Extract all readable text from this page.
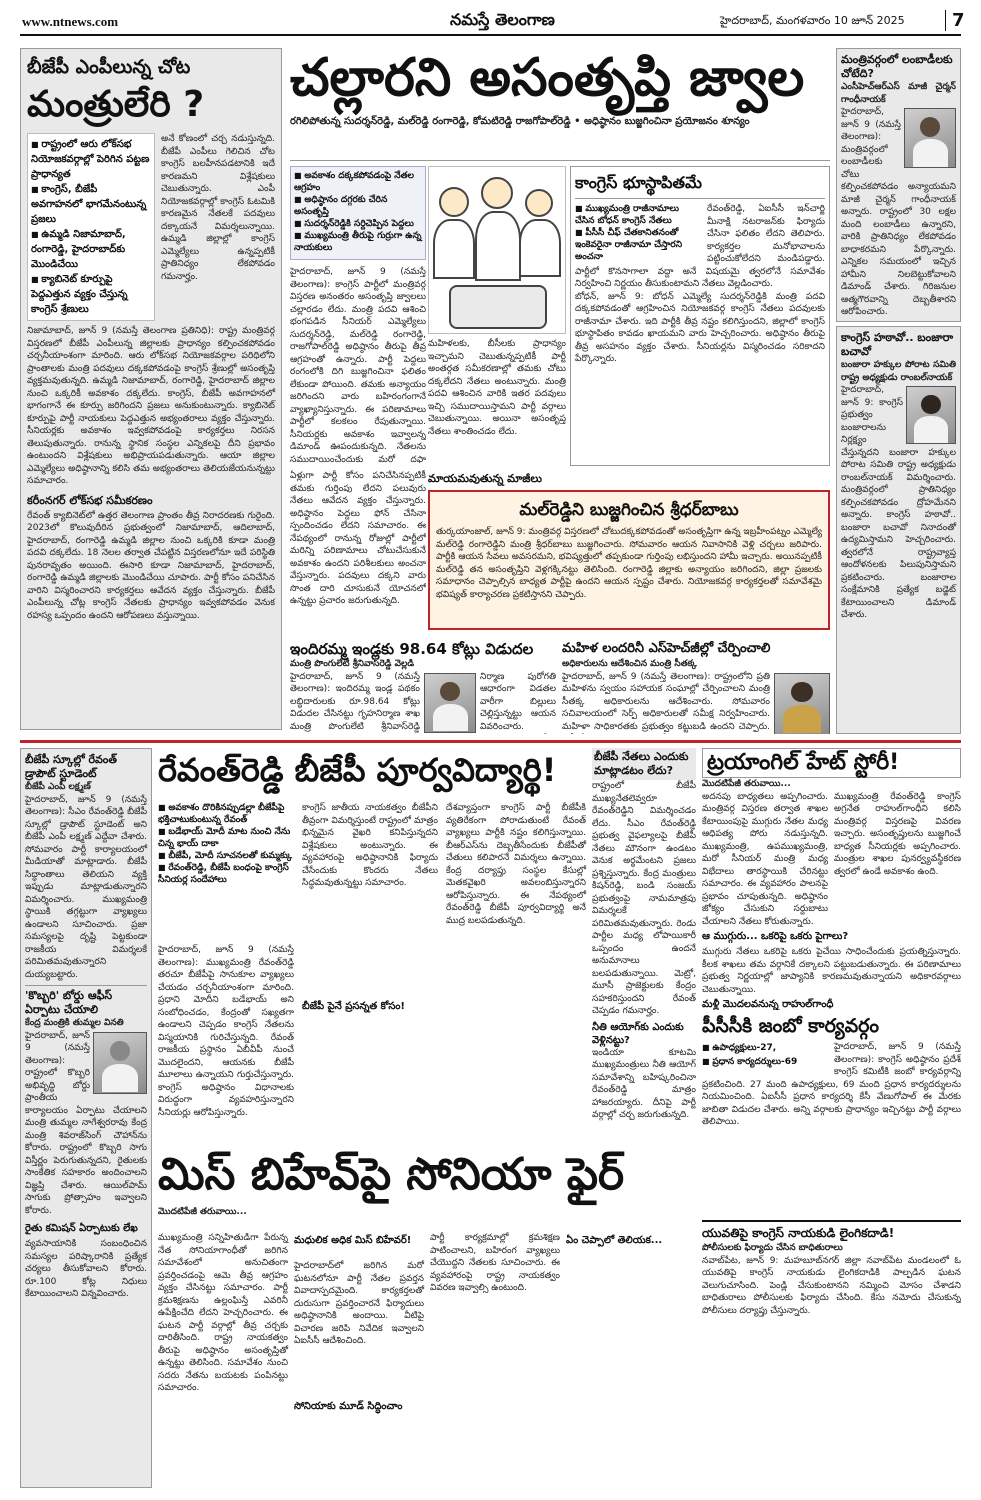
www.ntnews.com	నమస్తే తెలంగాణ	హైదరాబాద్, మంగళవారం 10 జూన్ 2025	7
బీజేపీ ఎంపీలున్న చోట
మంత్రులేరి ?
■ రాష్ట్రంలో ఆరు లోక్‌సభ నియోజకవర్గాల్లో పెరిగిన పట్టణ ప్రాధాన్యత
■ కాంగ్రెస్, బీజేపీ అవగాహనలో భాగమేనంటున్న ప్రజలు
■ ఉమ్మడి నిజామాబాద్, రంగారెడ్డి, హైదరాబాద్‌కు మొండిచేయి
■ క్యాబినెట్ కూర్పుపై పెద్దఎత్తున వ్యక్తం చేస్తున్న కాంగ్రెస్ శ్రేణులు
అనే కోణంలో చర్చ నడుస్తున్నది. బీజేపీ ఎంపీలు గెలిచిన చోట కాంగ్రెస్ బలహీనపడటానికి ఇదే కారణమని విశ్లేషకులు చెబుతున్నారు. ఎంపీ నియోజకవర్గాల్లో కాంగ్రెస్ ఓటమికి కారణమైన నేతలకే పదవులు దక్కాయనే విమర్శలున్నాయి. ఉమ్మడి జిల్లాల్లో కాంగ్రెస్ ఎమ్మెల్యేలు ఉన్నప్పటికీ ప్రాతినిధ్యం లేకపోవడం గమనార్హం.
నిజామాబాద్, జూన్ 9 (నమస్తే తెలంగాణ ప్రతినిధి): రాష్ట్ర మంత్రివర్గ విస్తరణలో బీజేపీ ఎంపీలున్న జిల్లాలకు ప్రాధాన్యం కల్పించకపోవడం చర్చనీయాంశంగా మారింది. ఆరు లోక్‌సభ నియోజకవర్గాల పరిధిలోని ప్రాంతాలకు మంత్రి పదవులు దక్కకపోవడంపై కాంగ్రెస్ శ్రేణుల్లో అసంతృప్తి వ్యక్తమవుతున్నది. ఉమ్మడి నిజామాబాద్, రంగారెడ్డి, హైదరాబాద్ జిల్లాల నుంచి ఒక్కరికీ అవకాశం దక్కలేదు. కాంగ్రెస్, బీజేపీ అవగాహనలో భాగంగానే ఈ కూర్పు జరిగిందని ప్రజలు అనుకుంటున్నారు. క్యాబినెట్ కూర్పుపై పార్టీ నాయకులు పెద్దఎత్తున అభ్యంతరాలు వ్యక్తం చేస్తున్నారు. సీనియర్లకు అవకాశం ఇవ్వకపోవడంపై కార్యకర్తలు నిరసన తెలుపుతున్నారు. రానున్న స్థానిక సంస్థల ఎన్నికలపై దీని ప్రభావం ఉంటుందని విశ్లేషకులు అభిప్రాయపడుతున్నారు. ఆయా జిల్లాల ఎమ్మెల్యేలు అధిష్ఠానాన్ని కలిసి తమ అభ్యంతరాలు తెలియజేయనున్నట్టు సమాచారం.
కరీంనగర్ లోక్‌సభ సమీకరణం
రేవంత్ క్యాబినెట్‌లో ఉత్తర తెలంగాణ ప్రాంతం తీవ్ర నిరాదరణకు గురైంది. 2023లో కొలువుదీరిన ప్రభుత్వంలో నిజామాబాద్, ఆదిలాబాద్, హైదరాబాద్, రంగారెడ్డి ఉమ్మడి జిల్లాల నుంచి ఒక్కరికి కూడా మంత్రి పదవి దక్కలేదు. 18 నెలల తర్వాత చేపట్టిన విస్తరణలోనూ ఇదే పరిస్థితి పునరావృతం అయింది. ఈసారి కూడా నిజామాబాద్, హైదరాబాద్, రంగారెడ్డి ఉమ్మడి జిల్లాలకు మొండిచేయి చూపారు. పార్టీ కోసం పనిచేసిన వారిని విస్మరించారని కార్యకర్తలు ఆవేదన వ్యక్తం చేస్తున్నారు. బీజేపీ ఎంపీలున్న చోట్ల కాంగ్రెస్ నేతలకు ప్రాధాన్యం ఇవ్వకపోవడం వెనుక రహస్య ఒప్పందం ఉందని ఆరోపణలు వస్తున్నాయి.
చల్లారని అసంతృప్తి జ్వాల
రగిలిపోతున్న సుదర్శన్‌రెడ్డి, మల్‌రెడ్డి రంగారెడ్డి, కోమటిరెడ్డి రాజగోపాల్‌రెడ్డి • అధిష్ఠానం బుజ్జగించినా ప్రయోజనం శూన్యం
■ అవకాశం దక్కకపోవడంపై నేతల ఆగ్రహం
■ అధిష్ఠానం దగ్గరకు చేరిన అసంతృప్తి
■ సుదర్శన్‌రెడ్డికి సర్దిచెప్పిన పెద్దలు
■ ముఖ్యమంత్రి తీరుపై గుర్రుగా ఉన్న నాయకులు
హైదరాబాద్, జూన్ 9 (నమస్తే తెలంగాణ): కాంగ్రెస్ పార్టీలో మంత్రివర్గ విస్తరణ అనంతరం అసంతృప్తి జ్వాలలు చల్లారడం లేదు. మంత్రి పదవి ఆశించి భంగపడిన సీనియర్ ఎమ్మెల్యేలు సుదర్శన్‌రెడ్డి, మల్‌రెడ్డి రంగారెడ్డి, రాజగోపాల్‌రెడ్డి అధిష్ఠానం తీరుపై తీవ్ర ఆగ్రహంతో ఉన్నారు. పార్టీ పెద్దలు రంగంలోకి దిగి బుజ్జగించినా ఫలితం లేకుండా పోయింది. తమకు అన్యాయం జరిగిందని వారు బహిరంగంగానే వ్యాఖ్యానిస్తున్నారు. ఈ పరిణామాలు పార్టీలో కలకలం రేపుతున్నాయి. సీనియర్లకు అవకాశం ఇవ్వాలన్న డిమాండ్ ఊపందుకున్నది. నేతలను సముదాయించేందుకు మరో దఫా
మహిళలకు, బీసీలకు ప్రాధాన్యం ఇచ్చామని చెబుతున్నప్పటికీ పార్టీ అంతర్గత సమీకరణాల్లో తమకు చోటు దక్కలేదని నేతలు అంటున్నారు. మంత్రి పదవి ఆశించిన వారికి ఇతర పదవులు ఇచ్చి సముదాయిస్తామని పార్టీ వర్గాలు చెబుతున్నాయి. అయినా అసంతృప్త నేతలు శాంతించడం లేదు.
కాంగ్రెస్ భూస్థాపితమే
■ ముఖ్యమంత్రి రాజీనామాలు చేసిన బోధన్ కాంగ్రెస్ నేతలు
■ పీసీసీ చీఫ్ చేతకానితనంతో ఇంకెవరైనా రాజీనామా చేస్తారని అంచనా
రేవంత్‌రెడ్డి, ఏఐసీసీ ఇన్‌చార్జి మీనాక్షి నటరాజన్‌కు ఫిర్యాదు చేసినా ఫలితం లేదని తెలిపారు. కార్యకర్తల మనోభావాలను పట్టించుకోలేదని మండిపడ్డారు. పార్టీలో కొనసాగాలా వద్దా అనే విషయమై త్వరలోనే సమావేశం నిర్వహించి నిర్ణయం తీసుకుంటామని నేతలు వెల్లడించారు.
బోధన్, జూన్ 9: బోధన్ ఎమ్మెల్యే సుదర్శన్‌రెడ్డికి మంత్రి పదవి దక్కకపోవడంతో ఆగ్రహించిన నియోజకవర్గ కాంగ్రెస్ నేతలు పదవులకు రాజీనామా చేశారు. ఇది పార్టీకి తీవ్ర నష్టం కలిగిస్తుందని, జిల్లాలో కాంగ్రెస్ భూస్థాపితం కావడం ఖాయమని వారు హెచ్చరించారు. అధిష్ఠానం తీరుపై తీవ్ర అసహనం వ్యక్తం చేశారు. సీనియర్లను విస్మరించడం సరికాదని పేర్కొన్నారు.
మాయమవుతున్న మాజీలు
ఏళ్లుగా పార్టీ కోసం పనిచేసినప్పటికీ తమకు గుర్తింపు లేదని పలువురు నేతలు ఆవేదన వ్యక్తం చేస్తున్నారు. అధిష్ఠానం పెద్దలు ఫోన్ చేసినా స్పందించడం లేదని సమాచారం. ఈ నేపథ్యంలో రానున్న రోజుల్లో పార్టీలో మరిన్ని పరిణామాలు చోటుచేసుకునే అవకాశం ఉందని పరిశీలకులు అంచనా వేస్తున్నారు. పదవులు దక్కని వారు సొంత దారి చూసుకునే యోచనలో ఉన్నట్టు ప్రచారం జరుగుతున్నది.
మల్‌రెడ్డిని బుజ్జగించిన శ్రీధర్‌బాబు
తుర్కయాంజాల్, జూన్ 9: మంత్రివర్గ విస్తరణలో చోటుదక్కకపోవడంతో అసంతృప్తిగా ఉన్న ఇబ్రహీంపట్నం ఎమ్మెల్యే మల్‌రెడ్డి రంగారెడ్డిని మంత్రి శ్రీధర్‌బాబు బుజ్జగించారు. సోమవారం ఆయన నివాసానికి వెళ్లి చర్చలు జరిపారు. పార్టీకి ఆయన సేవలు అవసరమని, భవిష్యత్తులో తప్పకుండా గుర్తింపు లభిస్తుందని హామీ ఇచ్చారు. అయినప్పటికీ మల్‌రెడ్డి తన అసంతృప్తిని వెళ్లగక్కినట్టు తెలిసింది. రంగారెడ్డి జిల్లాకు అన్యాయం జరిగిందని, జిల్లా ప్రజలకు సమాధానం చెప్పాల్సిన బాధ్యత పార్టీపై ఉందని ఆయన స్పష్టం చేశారు. నియోజకవర్గ కార్యకర్తలతో సమావేశమై భవిష్యత్ కార్యాచరణ ప్రకటిస్తానని చెప్పారు.
ఇందిరమ్మ ఇండ్లకు 98.64 కోట్లు విడుదల
మంత్రి పొంగులేటి శ్రీనివాస్‌రెడ్డి వెల్లడి
హైదరాబాద్, జూన్ 9 (నమస్తే తెలంగాణ): ఇందిరమ్మ ఇండ్ల పథకం లబ్ధిదారులకు రూ.98.64 కోట్లు విడుదల చేసినట్టు గృహనిర్మాణ శాఖ మంత్రి పొంగులేటి శ్రీనివాస్‌రెడ్డి
నిర్మాణ పురోగతి ఆధారంగా విడతల వారీగా బిల్లులు చెల్లిస్తున్నట్టు ఆయన వివరించారు.
మహిళ లందరినీ ఎస్‌హెచ్‌జీల్లో చేర్పించాలి
అధికారులను ఆదేశించిన మంత్రి సీతక్క
హైదరాబాద్, జూన్ 9 (నమస్తే తెలంగాణ): రాష్ట్రంలోని ప్రతి మహిళను స్వయం సహాయక సంఘాల్లో చేర్పించాలని మంత్రి సీతక్క అధికారులను ఆదేశించారు. సోమవారం సచివాలయంలో సెర్ప్ అధికారులతో సమీక్ష నిర్వహించారు. మహిళా సాధికారతకు ప్రభుత్వం కట్టుబడి ఉందని చెప్పారు.
మంత్రివర్గంలో లంబాడీలకు చోటేది?
ఎంసీహెచ్ఆర్ఎస్ మాజీ చైర్మన్ గాంధీనాయక్
హైదరాబాద్, జూన్ 9 (నమస్తే తెలంగాణ): మంత్రివర్గంలో లంబాడీలకు చోటు కల్పించకపోవడం అన్యాయమని మాజీ చైర్మన్ గాంధీనాయక్ అన్నారు. రాష్ట్రంలో 30 లక్షల మంది లంబాడీలు ఉన్నారని, వారికి ప్రాతినిధ్యం లేకపోవడం బాధాకరమని పేర్కొన్నారు. ఎన్నికల సమయంలో ఇచ్చిన హామీని నిలబెట్టుకోవాలని డిమాండ్ చేశారు. గిరిజనుల ఆత్మగౌరవాన్ని దెబ్బతీశారని ఆరోపించారు.
కాంగ్రెస్ హఠావో.. బంజారా బచావో
బంజారా హక్కుల పోరాట సమితి రాష్ట్ర అధ్యక్షుడు రాంబల్‌నాయక్
హైదరాబాద్, జూన్ 9: కాంగ్రెస్ ప్రభుత్వం బంజారాలను నిర్లక్ష్యం చేస్తున్నదని బంజారా హక్కుల పోరాట సమితి రాష్ట్ర అధ్యక్షుడు రాంబల్‌నాయక్ విమర్శించారు. మంత్రివర్గంలో ప్రాతినిధ్యం కల్పించకపోవడం ద్రోహమేనని అన్నారు. కాంగ్రెస్ హఠావో.. బంజారా బచావో నినాదంతో ఉద్యమిస్తామని హెచ్చరించారు. త్వరలోనే రాష్ట్రవ్యాప్త ఆందోళనలకు పిలుపునిస్తామని ప్రకటించారు. బంజారాల సంక్షేమానికి ప్రత్యేక బడ్జెట్ కేటాయించాలని డిమాండ్ చేశారు.
బీజేపీ స్కూల్లో రేవంత్ డ్రాపౌట్ స్టూడెంట్
బీజేపీ ఎంపీ లక్ష్మణ్
హైదరాబాద్, జూన్ 9 (నమస్తే తెలంగాణ): సీఎం రేవంత్‌రెడ్డి బీజేపీ స్కూల్లో డ్రాపౌట్ స్టూడెంట్ అని బీజేపీ ఎంపీ లక్ష్మణ్ ఎద్దేవా చేశారు. సోమవారం పార్టీ కార్యాలయంలో మీడియాతో మాట్లాడారు. బీజేపీ సిద్ధాంతాలు తెలియని వ్యక్తి ఇప్పుడు మాట్లాడుతున్నారని విమర్శించారు. ముఖ్యమంత్రి స్థాయికి తగ్గట్టుగా వ్యాఖ్యలు ఉండాలని సూచించారు. ప్రజా సమస్యలపై దృష్టి పెట్టకుండా రాజకీయ విమర్శలకే పరిమితమవుతున్నారని దుయ్యబట్టారు.
'కొబ్బరి' బోర్డు ఆఫీస్ ఏర్పాటు చేయాలి
కేంద్ర మంత్రికి తుమ్మల వినతి
హైదరాబాద్, జూన్ 9 (నమస్తే తెలంగాణ): రాష్ట్రంలో కొబ్బరి అభివృద్ధి బోర్డు ప్రాంతీయ కార్యాలయం ఏర్పాటు చేయాలని మంత్రి తుమ్మల నాగేశ్వరరావు కేంద్ర మంత్రి శివరాజ్‌సింగ్ చౌహాన్‌ను కోరారు. రాష్ట్రంలో కొబ్బరి సాగు విస్తీర్ణం పెరుగుతున్నదని, రైతులకు సాంకేతిక సహకారం అందించాలని విజ్ఞప్తి చేశారు. ఆయిల్‌పామ్ సాగుకు ప్రోత్సాహం ఇవ్వాలని కోరారు.
రైతు కమిషన్ ఏర్పాటుకు లేఖ
వ్యవసాయానికి సంబంధించిన సమస్యల పరిష్కారానికి ప్రత్యేక చర్యలు తీసుకోవాలని కోరారు. రూ.100 కోట్ల నిధులు కేటాయించాలని విన్నవించారు.
రేవంత్‌రెడ్డి బీజేపీ పూర్వవిద్యార్థి!
■ అవకాశం దొరికినప్పుడల్లా బీజేపీపై భక్తిచాటుకుంటున్న రేవంత్
■ బడేభాయ్ మోదీ మాట నుంచి నేను చిన్న భాయ్ దాకా
■ బీజేపీ, మోదీ సూచనలతో కుమ్మక్కు
■ రేవంత్‌రెడ్డి, బీజేపీ బంధంపై కాంగ్రెస్ సీనియర్ల సందేహాలు
హైదరాబాద్, జూన్ 9 (నమస్తే తెలంగాణ): ముఖ్యమంత్రి రేవంత్‌రెడ్డి తరచూ బీజేపీపై సానుకూల వ్యాఖ్యలు చేయడం చర్చనీయాంశంగా మారింది. ప్రధాని మోదీని బడేభాయ్ అని సంబోధించడం, కేంద్రంతో సఖ్యతగా ఉండాలని చెప్పడం కాంగ్రెస్ నేతలను విస్మయానికి గురిచేస్తున్నది. రేవంత్ రాజకీయ ప్రస్థానం ఏబీవీపీ నుంచే మొదలైందని, ఆయనకు బీజేపీ మూలాలు ఉన్నాయని గుర్తుచేస్తున్నారు. కాంగ్రెస్ అధిష్ఠానం విధానాలకు విరుద్ధంగా వ్యవహరిస్తున్నారని సీనియర్లు ఆరోపిస్తున్నారు.
కాంగ్రెస్ జాతీయ నాయకత్వం బీజేపీని తీవ్రంగా విమర్శిస్తుంటే రాష్ట్రంలో మాత్రం భిన్నమైన వైఖరి కనిపిస్తున్నదని విశ్లేషకులు అంటున్నారు. ఈ వ్యవహారంపై అధిష్ఠానానికి ఫిర్యాదు చేసేందుకు కొందరు నేతలు సిద్ధమవుతున్నట్టు సమాచారం.
బీజేపీ పైనే ప్రసన్నత కోసం!
దేశవ్యాప్తంగా కాంగ్రెస్ పార్టీ బీజేపీకి వ్యతిరేకంగా పోరాడుతుంటే రేవంత్ వ్యాఖ్యలు పార్టీకి నష్టం కలిగిస్తున్నాయి. బీఆర్ఎస్‌ను దెబ్బతీసేందుకు బీజేపీతో చేతులు కలిపారనే విమర్శలు ఉన్నాయి. కేంద్ర దర్యాప్తు సంస్థల కేసుల్లో మెతకవైఖరి అవలంబిస్తున్నారని ఆరోపిస్తున్నారు. ఈ నేపథ్యంలో రేవంత్‌రెడ్డి బీజేపీ పూర్వవిద్యార్థి అనే ముద్ర బలపడుతున్నది.
బీజేపీ నేతలు ఎందుకు మాట్లాడటం లేదు?
రాష్ట్రంలో బీజేపీ ముఖ్యనేతలెవ్వరూ రేవంత్‌రెడ్డిని విమర్శించడం లేదు. సీఎం రేవంత్‌రెడ్డి ప్రభుత్వ వైఫల్యాలపై బీజేపీ నేతలు మౌనంగా ఉండటం వెనుక అర్థమేంటని ప్రజలు ప్రశ్నిస్తున్నారు. కేంద్ర మంత్రులు కిషన్‌రెడ్డి, బండి సంజయ్ ప్రభుత్వంపై నామమాత్రపు విమర్శలకే పరిమితమవుతున్నారు. రెండు పార్టీల మధ్య లోపాయికారీ ఒప్పందం ఉందనే అనుమానాలు బలపడుతున్నాయి. మెట్రో, మూసీ ప్రాజెక్టులకు కేంద్రం సహకరిస్తుందని రేవంత్ చెప్పడం గమనార్హం.
నీతి ఆయోగ్‌కు ఎందుకు వెళ్లినట్టు?
ఇండియా కూటమి ముఖ్యమంత్రులు నీతి ఆయోగ్ సమావేశాన్ని బహిష్కరించినా రేవంత్‌రెడ్డి మాత్రం హాజరయ్యారు. దీనిపై పార్టీ వర్గాల్లో చర్చ జరుగుతున్నది.
ట్రయాంగిల్ హేట్ స్టోరీ!
మొదటిపేజీ తరువాయి...
అదనపు బాధ్యతలు అప్పగించారు. మంత్రివర్గ విస్తరణ తర్వాత శాఖల కేటాయింపుపై ముగ్గురు నేతల మధ్య ఆధిపత్య పోరు నడుస్తున్నది. ముఖ్యమంత్రి, ఉపముఖ్యమంత్రి, మరో సీనియర్ మంత్రి మధ్య విభేదాలు తారస్థాయికి చేరినట్టు సమాచారం. ఈ వ్యవహారం పాలనపై ప్రభావం చూపుతున్నది. అధిష్ఠానం జోక్యం చేసుకుని సర్దుబాటు చేయాలని నేతలు కోరుతున్నారు.
ముఖ్యమంత్రి రేవంత్‌రెడ్డి కాంగ్రెస్ అగ్రనేత రాహుల్‌గాంధీని కలిసి మంత్రివర్గ విస్తరణపై వివరణ ఇచ్చారు. అసంతృప్తులను బుజ్జగించే బాధ్యత సీనియర్లకు అప్పగించారు. మంత్రుల శాఖల పునర్వ్యవస్థీకరణ త్వరలో ఉండే అవకాశం ఉంది.
ఆ ముగ్గురు... ఒకరిపై ఒకరు పైగాలు?
ముగ్గురు నేతలు ఒకరిపై ఒకరు పైచేయి సాధించేందుకు ప్రయత్నిస్తున్నారు. కీలక శాఖలు తమ వర్గానికే దక్కాలని పట్టుబడుతున్నారు. ఈ పరిణామాలు ప్రభుత్వ నిర్ణయాల్లో జాప్యానికి కారణమవుతున్నాయని అధికారవర్గాలు చెబుతున్నాయి.
మళ్లీ మొదలవనున్న రాహుల్‌గాంధీ
మిస్ బిహేవ్‌పై సోనియా ఫైర్
మొదటిపేజీ తరువాయి...
ముఖ్యమంత్రి సన్నిహితుడిగా పేరున్న నేత సోనియాగాంధీతో జరిగిన సమావేశంలో అనుచితంగా ప్రవర్తించడంపై ఆమె తీవ్ర ఆగ్రహం వ్యక్తం చేసినట్టు సమాచారం. పార్టీ క్రమశిక్షణను ఉల్లంఘిస్తే ఎవరినీ ఉపేక్షించేది లేదని హెచ్చరించారు. ఈ ఘటన పార్టీ వర్గాల్లో తీవ్ర చర్చకు దారితీసింది. రాష్ట్ర నాయకత్వం తీరుపై అధిష్ఠానం అసంతృప్తితో ఉన్నట్టు తెలిసింది. సమావేశం నుంచి సదరు నేతను బయటకు పంపినట్టు సమాచారం.
మధులిక అధిక మిస్ బిహేవర్!
హైదరాబాద్‌లో జరిగిన మరో ఘటనలోనూ పార్టీ నేతల ప్రవర్తన వివాదాస్పదమైంది. కార్యకర్తలతో దురుసుగా ప్రవర్తించారనే ఫిర్యాదులు అధిష్ఠానానికి అందాయి. వీటిపై విచారణ జరిపి నివేదిక ఇవ్వాలని ఏఐసీసీ ఆదేశించింది.
సోనియాకు మూడ్ సిద్ధించాం
పార్టీ కార్యక్రమాల్లో క్రమశిక్షణ పాటించాలని, బహిరంగ వ్యాఖ్యలు చేయొద్దని నేతలకు సూచించారు. ఈ వ్యవహారంపై రాష్ట్ర నాయకత్వం వివరణ ఇవ్వాల్సి ఉంటుంది.
ఏం చెప్పాలో తెలియక...
పీసీసీకి జంబో కార్యవర్గం
■ ఉపాధ్యక్షులు-27,
■ ప్రధాన కార్యదర్శులు-69
హైదరాబాద్, జూన్ 9 (నమస్తే తెలంగాణ): కాంగ్రెస్ అధిష్ఠానం ప్రదేశ్ కాంగ్రెస్ కమిటీకి జంబో కార్యవర్గాన్ని ప్రకటించింది. 27 మంది ఉపాధ్యక్షులు, 69 మంది ప్రధాన కార్యదర్శులను నియమించింది. ఏఐసీసీ ప్రధాన కార్యదర్శి కేసీ వేణుగోపాల్ ఈ మేరకు జాబితా విడుదల చేశారు. అన్ని వర్గాలకు ప్రాధాన్యం ఇచ్చినట్టు పార్టీ వర్గాలు తెలిపాయి.
యువతిపై కాంగ్రెస్ నాయకుడి లైంగికదాడి!
పోలీసులకు ఫిర్యాదు చేసిన బాధితురాలు
నవాబ్‌పేట, జూన్ 9: మహబూబ్‌నగర్ జిల్లా నవాబ్‌పేట మండలంలో ఓ యువతిపై కాంగ్రెస్ నాయకుడు లైంగికదాడికి పాల్పడిన ఘటన వెలుగుచూసింది. పెండ్లి చేసుకుంటానని నమ్మించి మోసం చేశాడని బాధితురాలు పోలీసులకు ఫిర్యాదు చేసింది. కేసు నమోదు చేసుకున్న పోలీసులు దర్యాప్తు చేస్తున్నారు.
